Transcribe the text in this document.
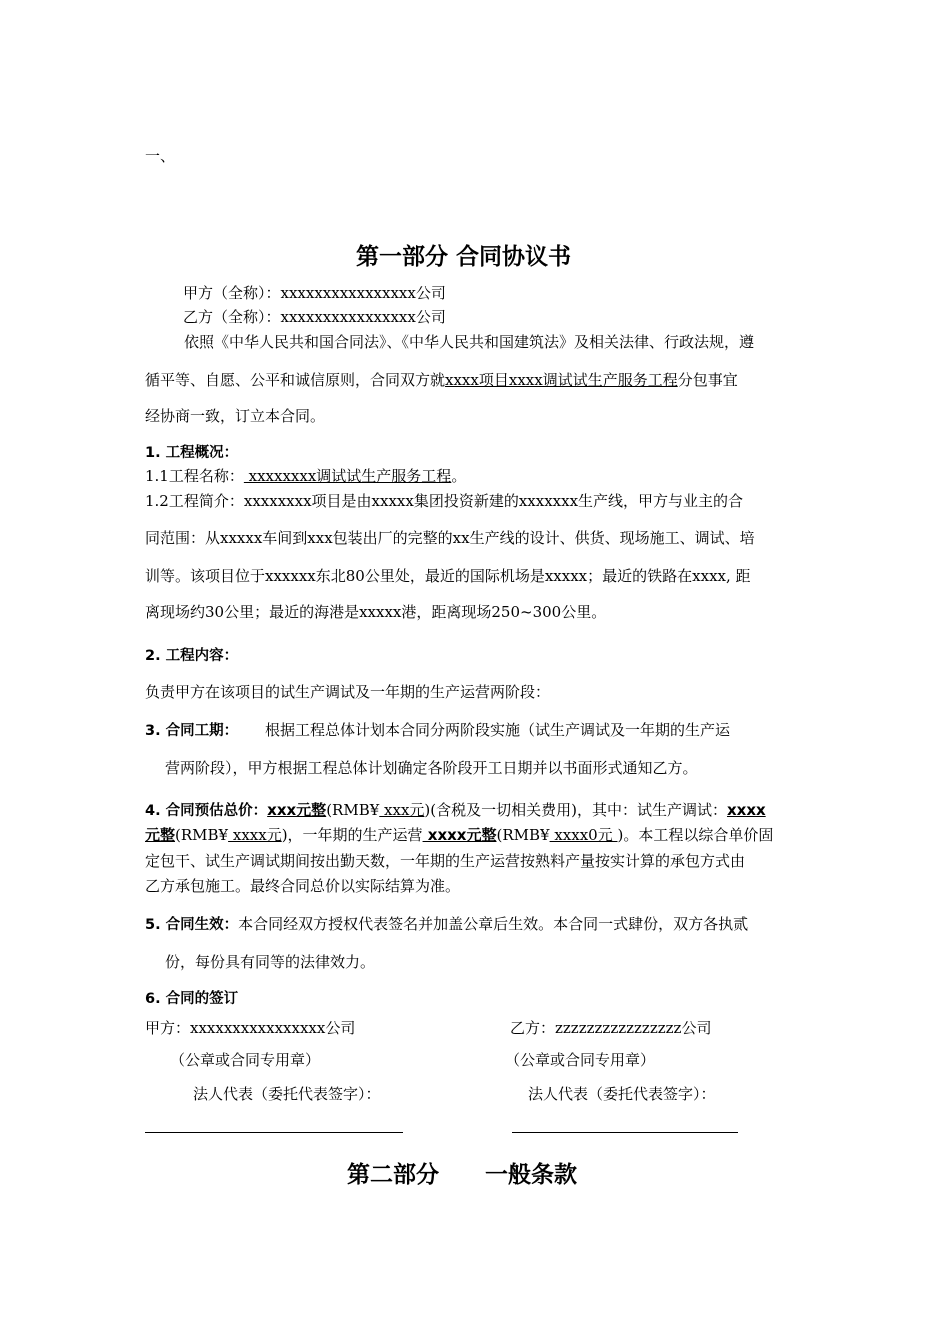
一、
第一部分 合同协议书
甲方（全称）：xxxxxxxxxxxxxxxx公司
乙方（全称）：xxxxxxxxxxxxxxxx公司
依照《中华人民共和国合同法》、《中华人民共和国建筑法》及相关法律、行政法规，遵
循平等、自愿、公平和诚信原则，合同双方就xxxx项目xxxx调试试生产服务工程分包事宜
经协商一致，订立本合同。
1. 工程概况：
1.1工程名称： xxxxxxxx调试试生产服务工程。
1.2工程简介：xxxxxxxx项目是由xxxxx集团投资新建的xxxxxxx生产线，甲方与业主的合
同范围：从xxxxx车间到xxx包装出厂的完整的xx生产线的设计、供货、现场施工、调试、培
训等。该项目位于xxxxxx东北80公里处，最近的国际机场是xxxxx；最近的铁路在xxxx, 距
离现场约30公里；最近的海港是xxxxx港，距离现场250~300公里。
2. 工程内容：
负责甲方在该项目的试生产调试及一年期的生产运营两阶段：
3. 合同工期： 根据工程总体计划本合同分两阶段实施（试生产调试及一年期的生产运
营两阶段），甲方根据工程总体计划确定各阶段开工日期并以书面形式通知乙方。
4. 合同预估总价：xxx元整(RMB¥ xxx元)(含税及一切相关费用)，其中：试生产调试：xxxx
元整(RMB¥ xxxx元)，一年期的生产运营 xxxx元整(RMB¥ xxxx0元 )。本工程以综合单价固
定包干、试生产调试期间按出勤天数，一年期的生产运营按熟料产量按实计算的承包方式由
乙方承包施工。最终合同总价以实际结算为准。
5. 合同生效：本合同经双方授权代表签名并加盖公章后生效。本合同一式肆份，双方各执贰
份，每份具有同等的法律效力。
6. 合同的签订
甲方：xxxxxxxxxxxxxxxx公司	乙方：zzzzzzzzzzzzzzzz公司
（公章或合同专用章）	（公章或合同专用章）
法人代表（委托代表签字）：	法人代表（委托代表签字）：
第二部分　　一般条款
